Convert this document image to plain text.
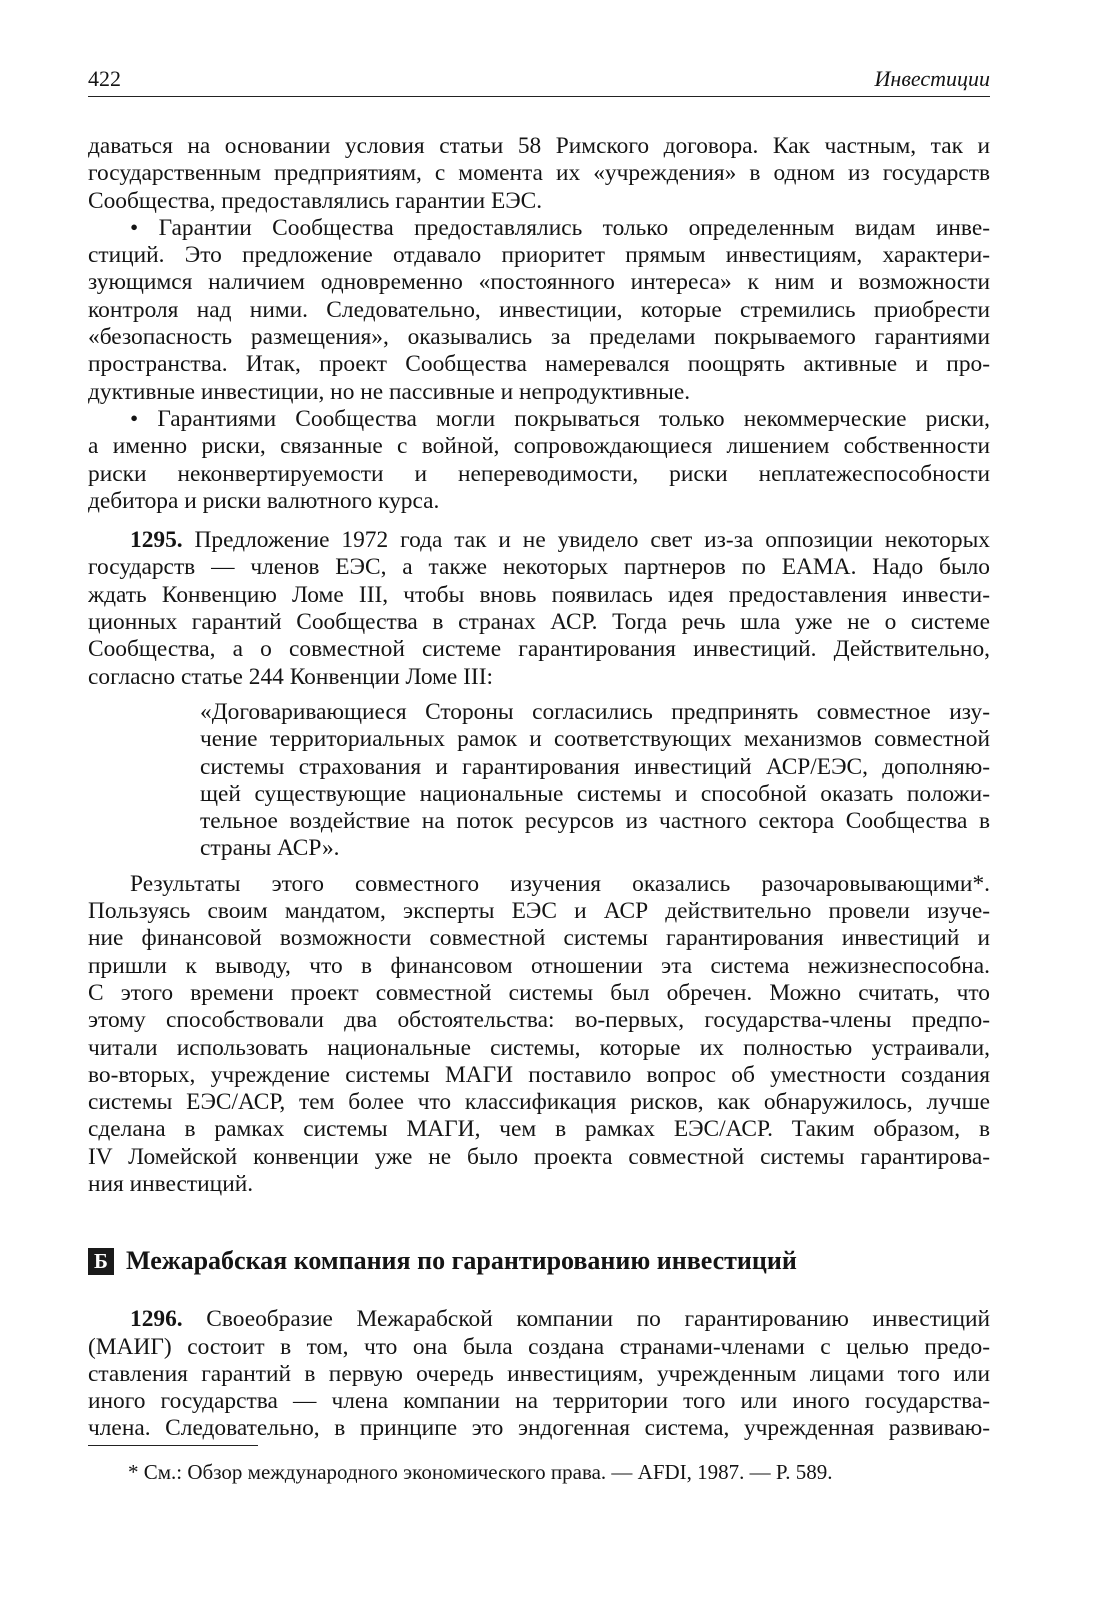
422	Инвестиции
даваться на основании условия статьи 58 Римского договора. Как частным, так и
государственным предприятиям, с момента их «учреждения» в одном из государств
Сообщества, предоставлялись гарантии ЕЭС.
• Гарантии Сообщества предоставлялись только определенным видам инве-
стиций. Это предложение отдавало приоритет прямым инвестициям, характери-
зующимся наличием одновременно «постоянного интереса» к ним и возможности
контроля над ними. Следовательно, инвестиции, которые стремились приобрести
«безопасность размещения», оказывались за пределами покрываемого гарантиями
пространства. Итак, проект Сообщества намеревался поощрять активные и про-
дуктивные инвестиции, но не пассивные и непродуктивные.
• Гарантиями Сообщества могли покрываться только некоммерческие риски,
а именно риски, связанные с войной, сопровождающиеся лишением собственности
риски неконвертируемости и непереводимости, риски неплатежеспособности
дебитора и риски валютного курса.
1295. Предложение 1972 года так и не увидело свет из-за оппозиции некоторых
государств — членов ЕЭС, а также некоторых партнеров по ЕАМА. Надо было
ждать Конвенцию Ломе III, чтобы вновь появилась идея предоставления инвести-
ционных гарантий Сообщества в странах АСР. Тогда речь шла уже не о системе
Сообщества, а о совместной системе гарантирования инвестиций. Действительно,
согласно статье 244 Конвенции Ломе III:
«Договаривающиеся Стороны согласились предпринять совместное изу-
чение территориальных рамок и соответствующих механизмов совместной
системы страхования и гарантирования инвестиций АСР/ЕЭС, дополняю-
щей существующие национальные системы и способной оказать положи-
тельное воздействие на поток ресурсов из частного сектора Сообщества в
страны АСР».
Результаты этого совместного изучения оказались разочаровывающими*.
Пользуясь своим мандатом, эксперты ЕЭС и АСР действительно провели изуче-
ние финансовой возможности совместной системы гарантирования инвестиций и
пришли к выводу, что в финансовом отношении эта система нежизнеспособна.
С этого времени проект совместной системы был обречен. Можно считать, что
этому способствовали два обстоятельства: во-первых, государства-члены предпо-
читали использовать национальные системы, которые их полностью устраивали,
во-вторых, учреждение системы МАГИ поставило вопрос об уместности создания
системы ЕЭС/АСР, тем более что классификация рисков, как обнаружилось, лучше
сделана в рамках системы МАГИ, чем в рамках ЕЭС/АСР. Таким образом, в
IV Ломейской конвенции уже не было проекта совместной системы гарантирова-
ния инвестиций.
Б Межарабская компания по гарантированию инвестиций
1296. Своеобразие Межарабской компании по гарантированию инвестиций
(МАИГ) состоит в том, что она была создана странами-членами с целью предо-
ставления гарантий в первую очередь инвестициям, учрежденным лицами того или
иного государства — члена компании на территории того или иного государства-
члена. Следовательно, в принципе это эндогенная система, учрежденная развиваю-
* См.: Обзор международного экономического права. — AFDI, 1987. — P. 589.
